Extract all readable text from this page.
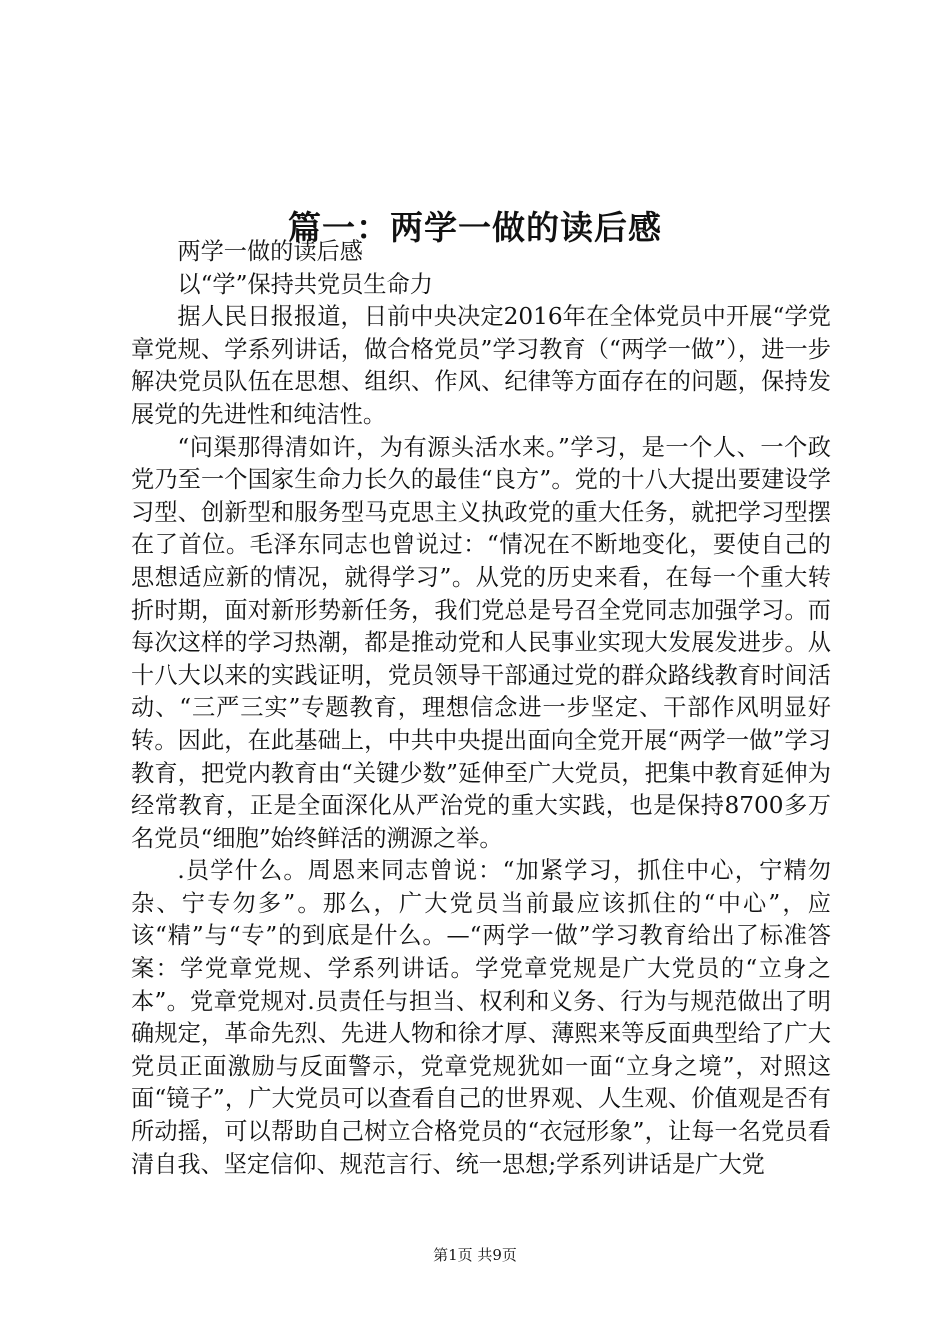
篇一：两学一做的读后感

两学一做的读后感

以“学”保持共党员生命力

据人民日报报道，日前中央决定2016年在全体党员中开展“学党章党规、学系列讲话，做合格党员”学习教育（“两学一做”），进一步解决党员队伍在思想、组织、作风、纪律等方面存在的问题，保持发展党的先进性和纯洁性。

“问渠那得清如许，为有源头活水来。”学习，是一个人、一个政党乃至一个国家生命力长久的最佳“良方”。党的十八大提出要建设学习型、创新型和服务型马克思主义执政党的重大任务，就把学习型摆在了首位。毛泽东同志也曾说过：“情况在不断地变化，要使自己的思想适应新的情况，就得学习”。从党的历史来看，在每一个重大转折时期，面对新形势新任务，我们党总是号召全党同志加强学习。而每次这样的学习热潮，都是推动党和人民事业实现大发展发进步。从十八大以来的实践证明，党员领导干部通过党的群众路线教育时间活动、“三严三实”专题教育，理想信念进一步坚定、干部作风明显好转。因此，在此基础上，中共中央提出面向全党开展“两学一做”学习教育，把党内教育由“关键少数”延伸至广大党员，把集中教育延伸为经常教育，正是全面深化从严治党的重大实践，也是保持8700多万名党员“细胞”始终鲜活的溯源之举。

.员学什么。周恩来同志曾说：“加紧学习，抓住中心，宁精勿杂、宁专勿多”。那么，广大党员当前最应该抓住的“中心”，应该“精”与“专”的到底是什么。—“两学一做”学习教育给出了标准答案：学党章党规、学系列讲话。学党章党规是广大党员的“立身之本”。党章党规对.员责任与担当、权利和义务、行为与规范做出了明确规定，革命先烈、先进人物和徐才厚、薄熙来等反面典型给了广大党员正面激励与反面警示，党章党规犹如一面“立身之境”，对照这面“镜子”，广大党员可以查看自己的世界观、人生观、价值观是否有所动摇，可以帮助自己树立合格党员的“衣冠形象”，让每一名党员看清自我、坚定信仰、规范言行、统一思想;学系列讲话是广大党

第1页 共9页
